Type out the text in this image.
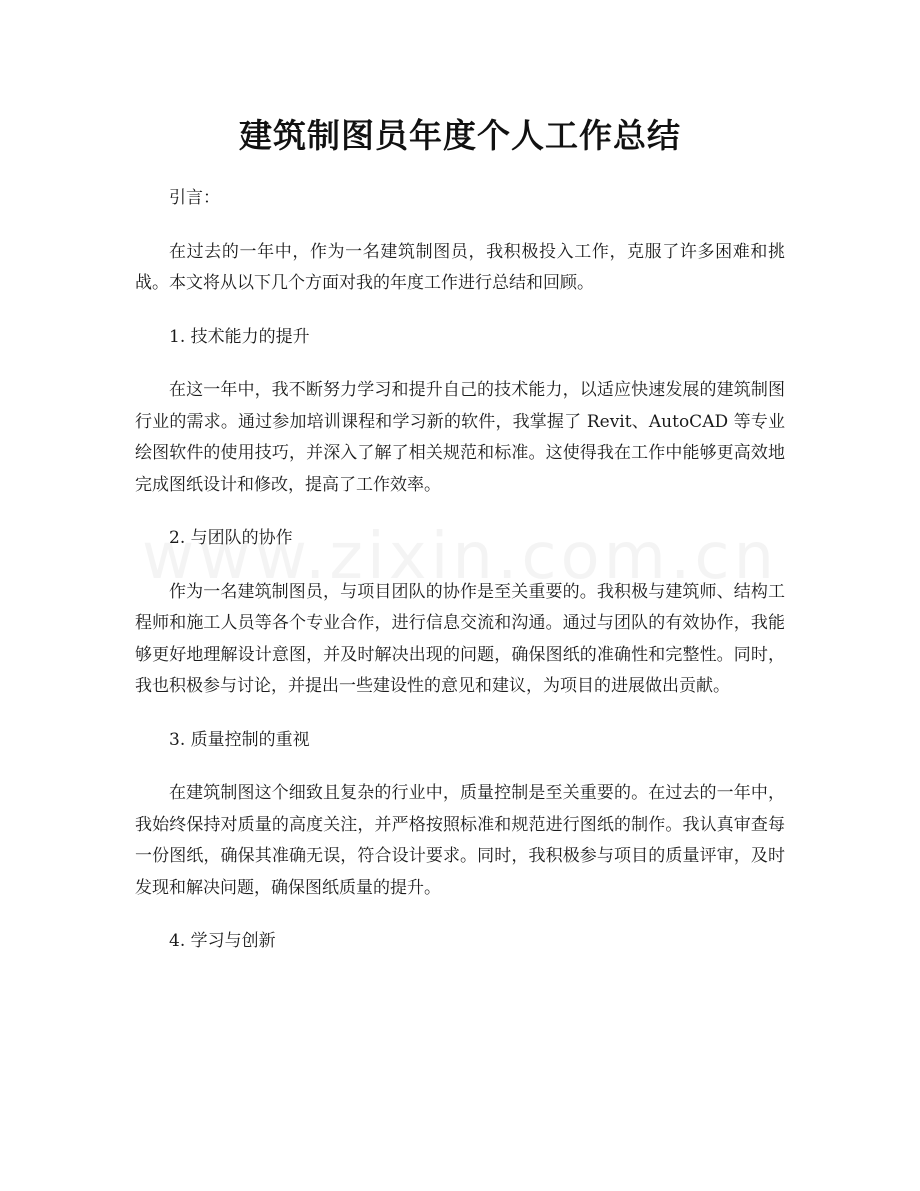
建筑制图员年度个人工作总结

引言：

在过去的一年中，作为一名建筑制图员，我积极投入工作，克服了许多困难和挑战。本文将从以下几个方面对我的年度工作进行总结和回顾。

1. 技术能力的提升

在这一年中，我不断努力学习和提升自己的技术能力，以适应快速发展的建筑制图行业的需求。通过参加培训课程和学习新的软件，我掌握了 Revit、AutoCAD 等专业绘图软件的使用技巧，并深入了解了相关规范和标准。这使得我在工作中能够更高效地完成图纸设计和修改，提高了工作效率。

2. 与团队的协作

作为一名建筑制图员，与项目团队的协作是至关重要的。我积极与建筑师、结构工程师和施工人员等各个专业合作，进行信息交流和沟通。通过与团队的有效协作，我能够更好地理解设计意图，并及时解决出现的问题，确保图纸的准确性和完整性。同时，我也积极参与讨论，并提出一些建设性的意见和建议，为项目的进展做出贡献。

3. 质量控制的重视

在建筑制图这个细致且复杂的行业中，质量控制是至关重要的。在过去的一年中，我始终保持对质量的高度关注，并严格按照标准和规范进行图纸的制作。我认真审查每一份图纸，确保其准确无误，符合设计要求。同时，我积极参与项目的质量评审，及时发现和解决问题，确保图纸质量的提升。

4. 学习与创新
